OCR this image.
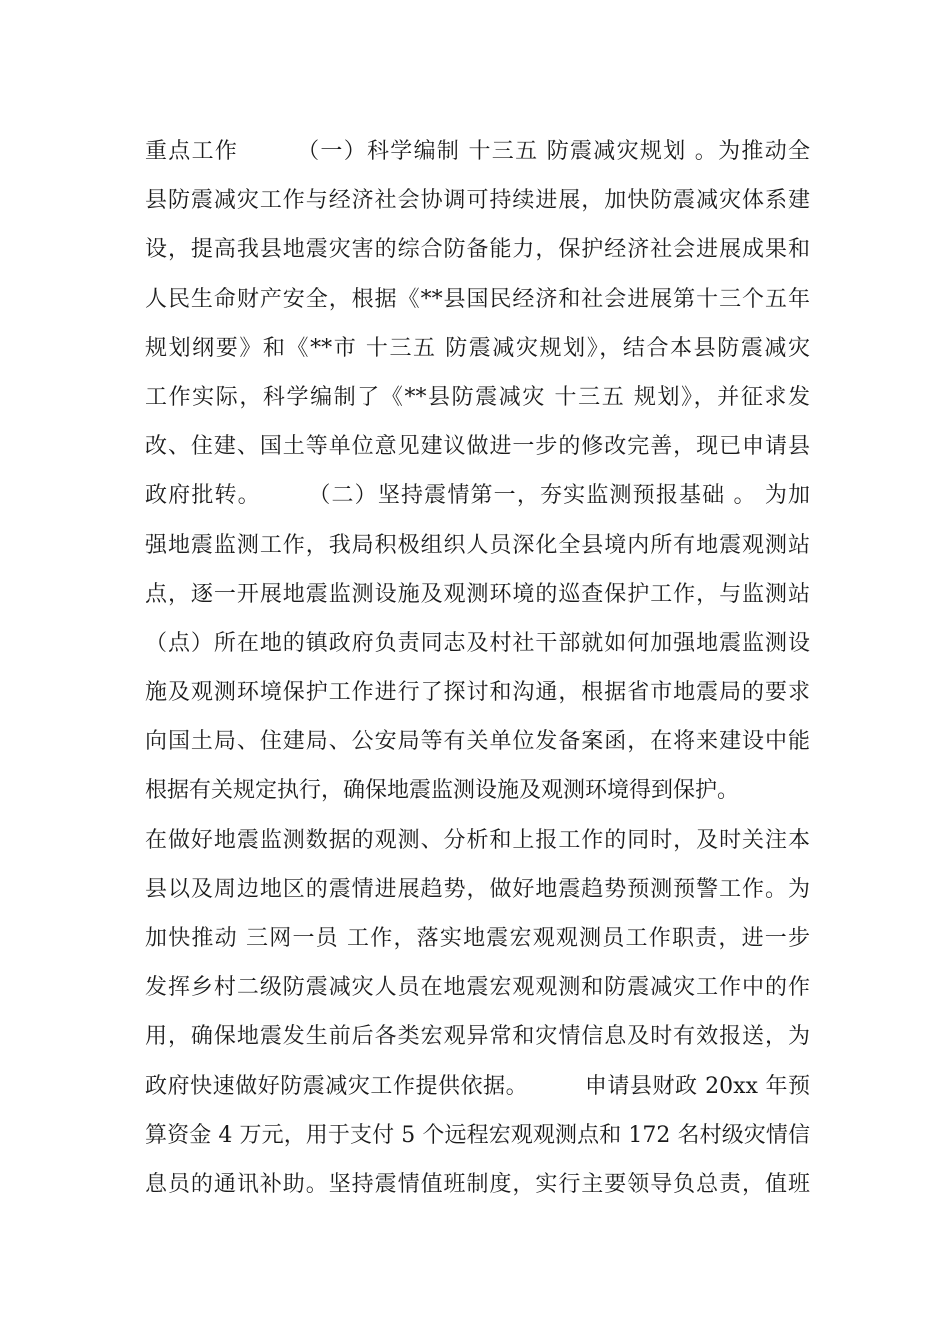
重点工作　　　（一）科学编制 十三五 防震减灾规划 。为推动全
县防震减灾工作与经济社会协调可持续进展，加快防震减灾体系建
设，提高我县地震灾害的综合防备能力，保护经济社会进展成果和
人民生命财产安全，根据《**县国民经济和社会进展第十三个五年
规划纲要》和《**市 十三五 防震减灾规划》，结合本县防震减灾
工作实际，科学编制了《**县防震减灾 十三五 规划》，并征求发
改、住建、国土等单位意见建议做进一步的修改完善，现已申请县
政府批转。　　　（二）坚持震情第一，夯实监测预报基础 。 为加
强地震监测工作，我局积极组织人员深化全县境内所有地震观测站
点，逐一开展地震监测设施及观测环境的巡查保护工作，与监测站
（点）所在地的镇政府负责同志及村社干部就如何加强地震监测设
施及观测环境保护工作进行了探讨和沟通，根据省市地震局的要求
向国土局、住建局、公安局等有关单位发备案函，在将来建设中能
根据有关规定执行，确保地震监测设施及观测环境得到保护。
在做好地震监测数据的观测、分析和上报工作的同时，及时关注本
县以及周边地区的震情进展趋势，做好地震趋势预测预警工作。为
加快推动 三网一员 工作，落实地震宏观观测员工作职责，进一步
发挥乡村二级防震减灾人员在地震宏观观测和防震减灾工作中的作
用，确保地震发生前后各类宏观异常和灾情信息及时有效报送，为
政府快速做好防震减灾工作提供依据。　　　申请县财政 20xx 年预
算资金 4 万元，用于支付 5 个远程宏观观测点和 172 名村级灾情信
息员的通讯补助。坚持震情值班制度，实行主要领导负总责，值班
